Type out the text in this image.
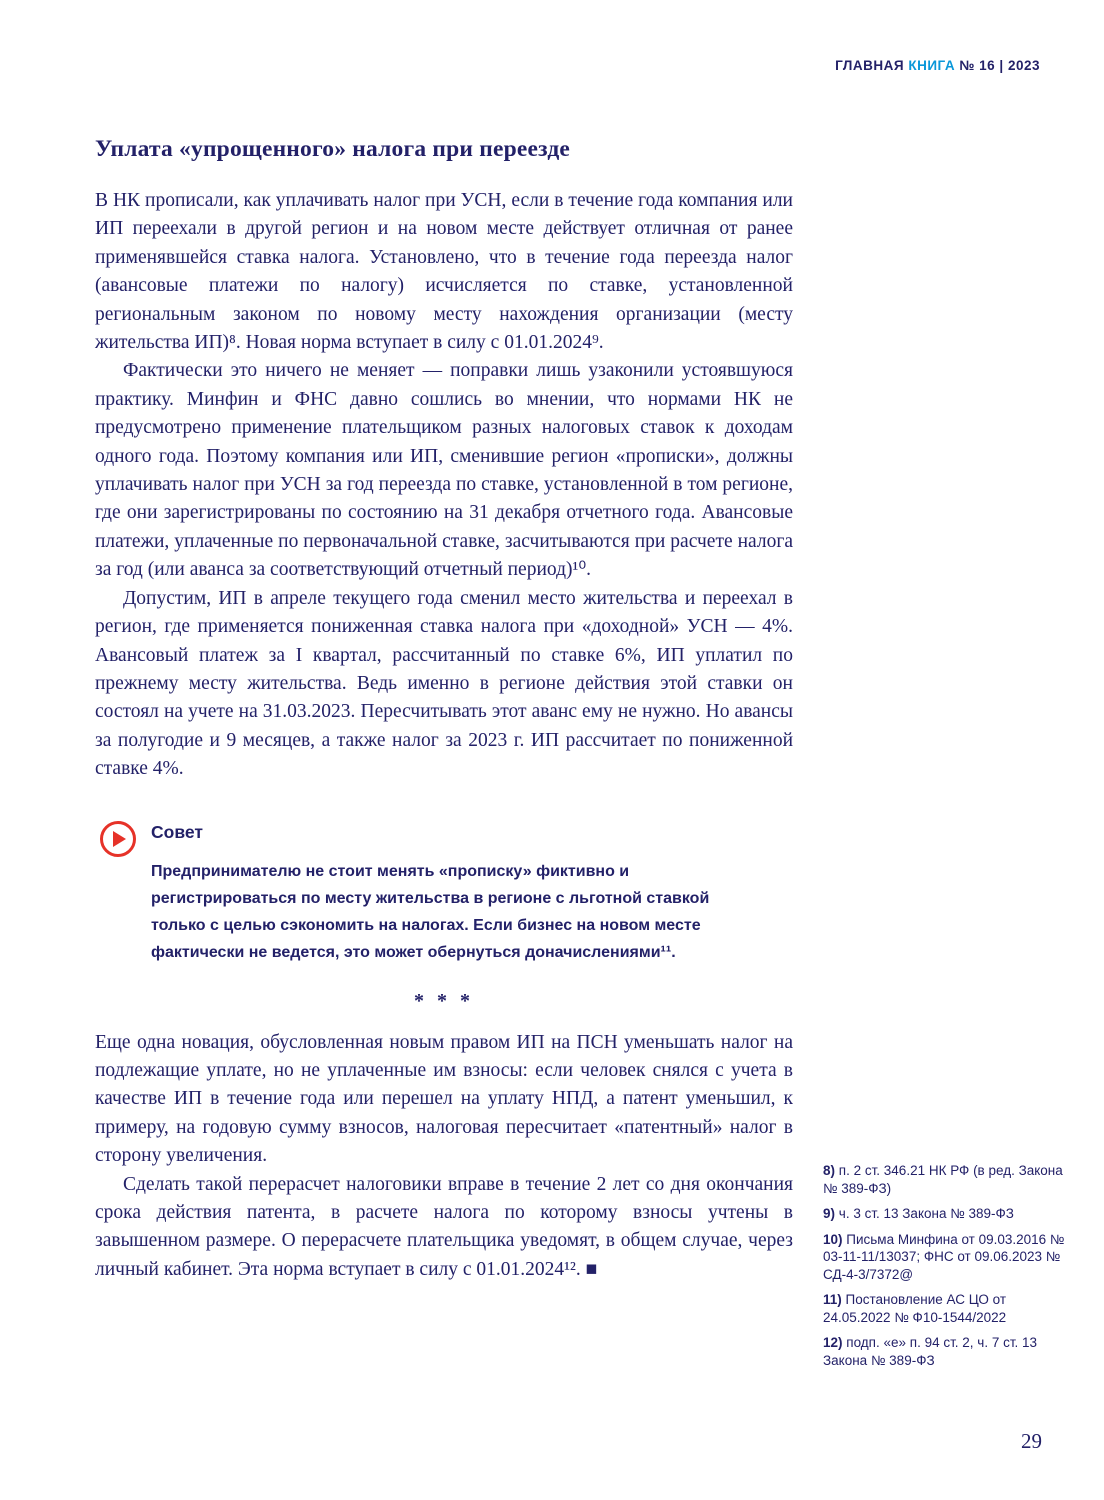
ГЛАВНАЯ КНИГА № 16 | 2023
Уплата «упрощенного» налога при переезде

В НК прописали, как уплачивать налог при УСН, если в течение года компания или ИП переехали в другой регион и на новом месте действует отличная от ранее применявшейся ставка налога. Установлено, что в течение года переезда налог (авансовые платежи по налогу) исчисляется по ставке, установленной региональным законом по новому месту нахождения организации (месту жительства ИП)⁸. Новая норма вступает в силу с 01.01.2024⁹.

Фактически это ничего не меняет — поправки лишь узаконили устоявшуюся практику. Минфин и ФНС давно сошлись во мнении, что нормами НК не предусмотрено применение плательщиком разных налоговых ставок к доходам одного года. Поэтому компания или ИП, сменившие регион «прописки», должны уплачивать налог при УСН за год переезда по ставке, установленной в том регионе, где они зарегистрированы по состоянию на 31 декабря отчетного года. Авансовые платежи, уплаченные по первоначальной ставке, засчитываются при расчете налога за год (или аванса за соответствующий отчетный период)¹⁰.

Допустим, ИП в апреле текущего года сменил место жительства и переехал в регион, где применяется пониженная ставка налога при «доходной» УСН — 4%. Авансовый платеж за I квартал, рассчитанный по ставке 6%, ИП уплатил по прежнему месту жительства. Ведь именно в регионе действия этой ставки он состоял на учете на 31.03.2023. Пересчитывать этот аванс ему не нужно. Но авансы за полугодие и 9 месяцев, а также налог за 2023 г. ИП рассчитает по пониженной ставке 4%.

Совет
Предпринимателю не стоит менять «прописку» фиктивно и регистрироваться по месту жительства в регионе с льготной ставкой только с целью сэкономить на налогах. Если бизнес на новом месте фактически не ведется, это может обернуться доначислениями¹¹.
* * *

Еще одна новация, обусловленная новым правом ИП на ПСН уменьшать налог на подлежащие уплате, но не уплаченные им взносы: если человек снялся с учета в качестве ИП в течение года или перешел на уплату НПД, а патент уменьшил, к примеру, на годовую сумму взносов, налоговая пересчитает «патентный» налог в сторону увеличения.

Сделать такой перерасчет налоговики вправе в течение 2 лет со дня окончания срока действия патента, в расчете налога по которому взносы учтены в завышенном размере. О перерасчете плательщика уведомят, в общем случае, через личный кабинет. Эта норма вступает в силу с 01.01.2024¹². ■

8) п. 2 ст. 346.21 НК РФ (в ред. Закона № 389-ФЗ)
9) ч. 3 ст. 13 Закона № 389-ФЗ
10) Письма Минфина от 09.03.2016 № 03-11-11/13037; ФНС от 09.06.2023 № СД-4-3/7372@
11) Постановление АС ЦО от 24.05.2022 № Ф10-1544/2022
12) подп. «е» п. 94 ст. 2, ч. 7 ст. 13 Закона № 389-ФЗ
29
